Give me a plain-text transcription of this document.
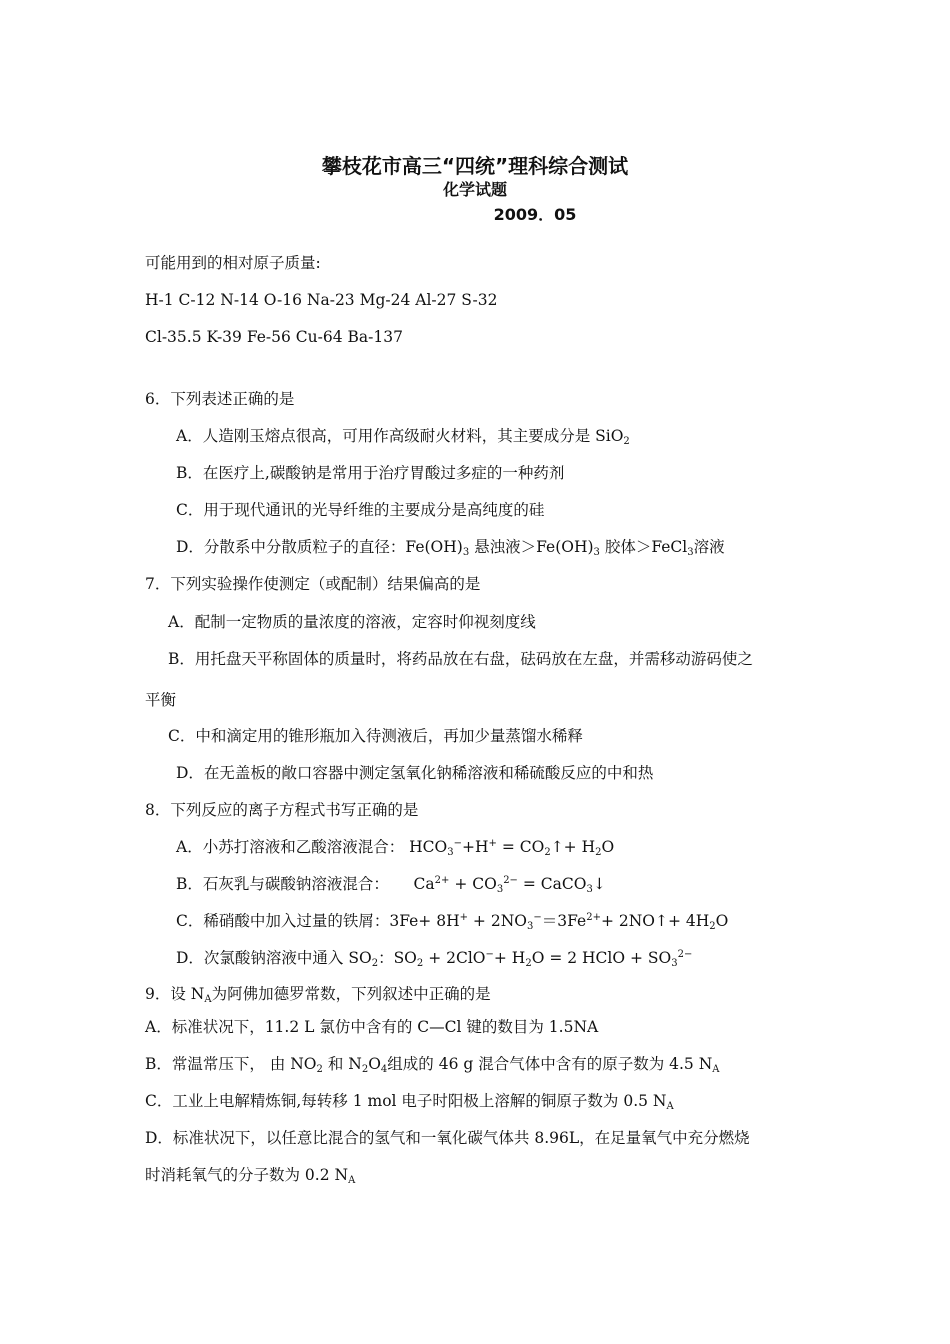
攀枝花市高三“四统”理科综合测试
化学试题
2009．05
可能用到的相对原子质量:
H-1 C-12 N-14 O-16 Na-23 Mg-24 Al-27 S-32
Cl-35.5 K-39 Fe-56 Cu-64 Ba-137
6．下列表述正确的是
A．人造刚玉熔点很高，可用作高级耐火材料，其主要成分是 SiO$_2$
B．在医疗上,碳酸钠是常用于治疗胃酸过多症的一种药剂
C．用于现代通讯的光导纤维的主要成分是高纯度的硅
D．分散系中分散质粒子的直径：$Fe(OH)_3$ 悬浊液$>Fe(OH)_3$ 胶体＞FeCl$_3$溶液
7．下列实验操作使测定（或配制）结果偏高的是
A．配制一定物质的量浓度的溶液，定容时仰视刻度线
B．用托盘天平称固体的质量时，将药品放在右盘，砝码放在左盘，并需移动游码使之
平衡
C．中和滴定用的锥形瓶加入待测液后，再加少量蒸馏水稀释
D．在无盖板的敞口容器中测定氢氧化钠稀溶液和稀硫酸反应的中和热
8．下列反应的离子方程式书写正确的是
A．小苏打溶液和乙酸溶液混合： $HCO_3^-+H^+$ = $CO_2↑+ H_2O$
B．石灰乳与碳酸钠溶液混合：     $Ca^{2+} + CO_3^{2-}$ = CaCO$_3$↓
C．稀硝酸中加入过量的铁屑：$3Fe+ 8H^+ + 2NO_3^-=3Fe^{2+}+$ 2NO↑+ $4H_2O$
D．次氯酸钠溶液中通入 $SO_2$：$SO_2 + 2ClO^-+ H_2O = 2$ HClO + $SO_3^{2-}$
9．设 $N_A$为阿佛加德罗常数，下列叙述中正确的是
A．标准状况下，11.2 L 氯仿中含有的 C—Cl 键的数目为 1.5NA
B．常温常压下， 由 $NO_2$ 和 $N_2O_4$组成的 46 g 混合气体中含有的原子数为 4.5 $N_A$
C．工业上电解精炼铜,每转移 1 mol 电子时阳极上溶解的铜原子数为 0.5 $N_A$
D．标准状况下，以任意比混合的氢气和一氧化碳气体共 8.96L，在足量氧气中充分燃烧
时消耗氧气的分子数为 0.2 $N_A$
